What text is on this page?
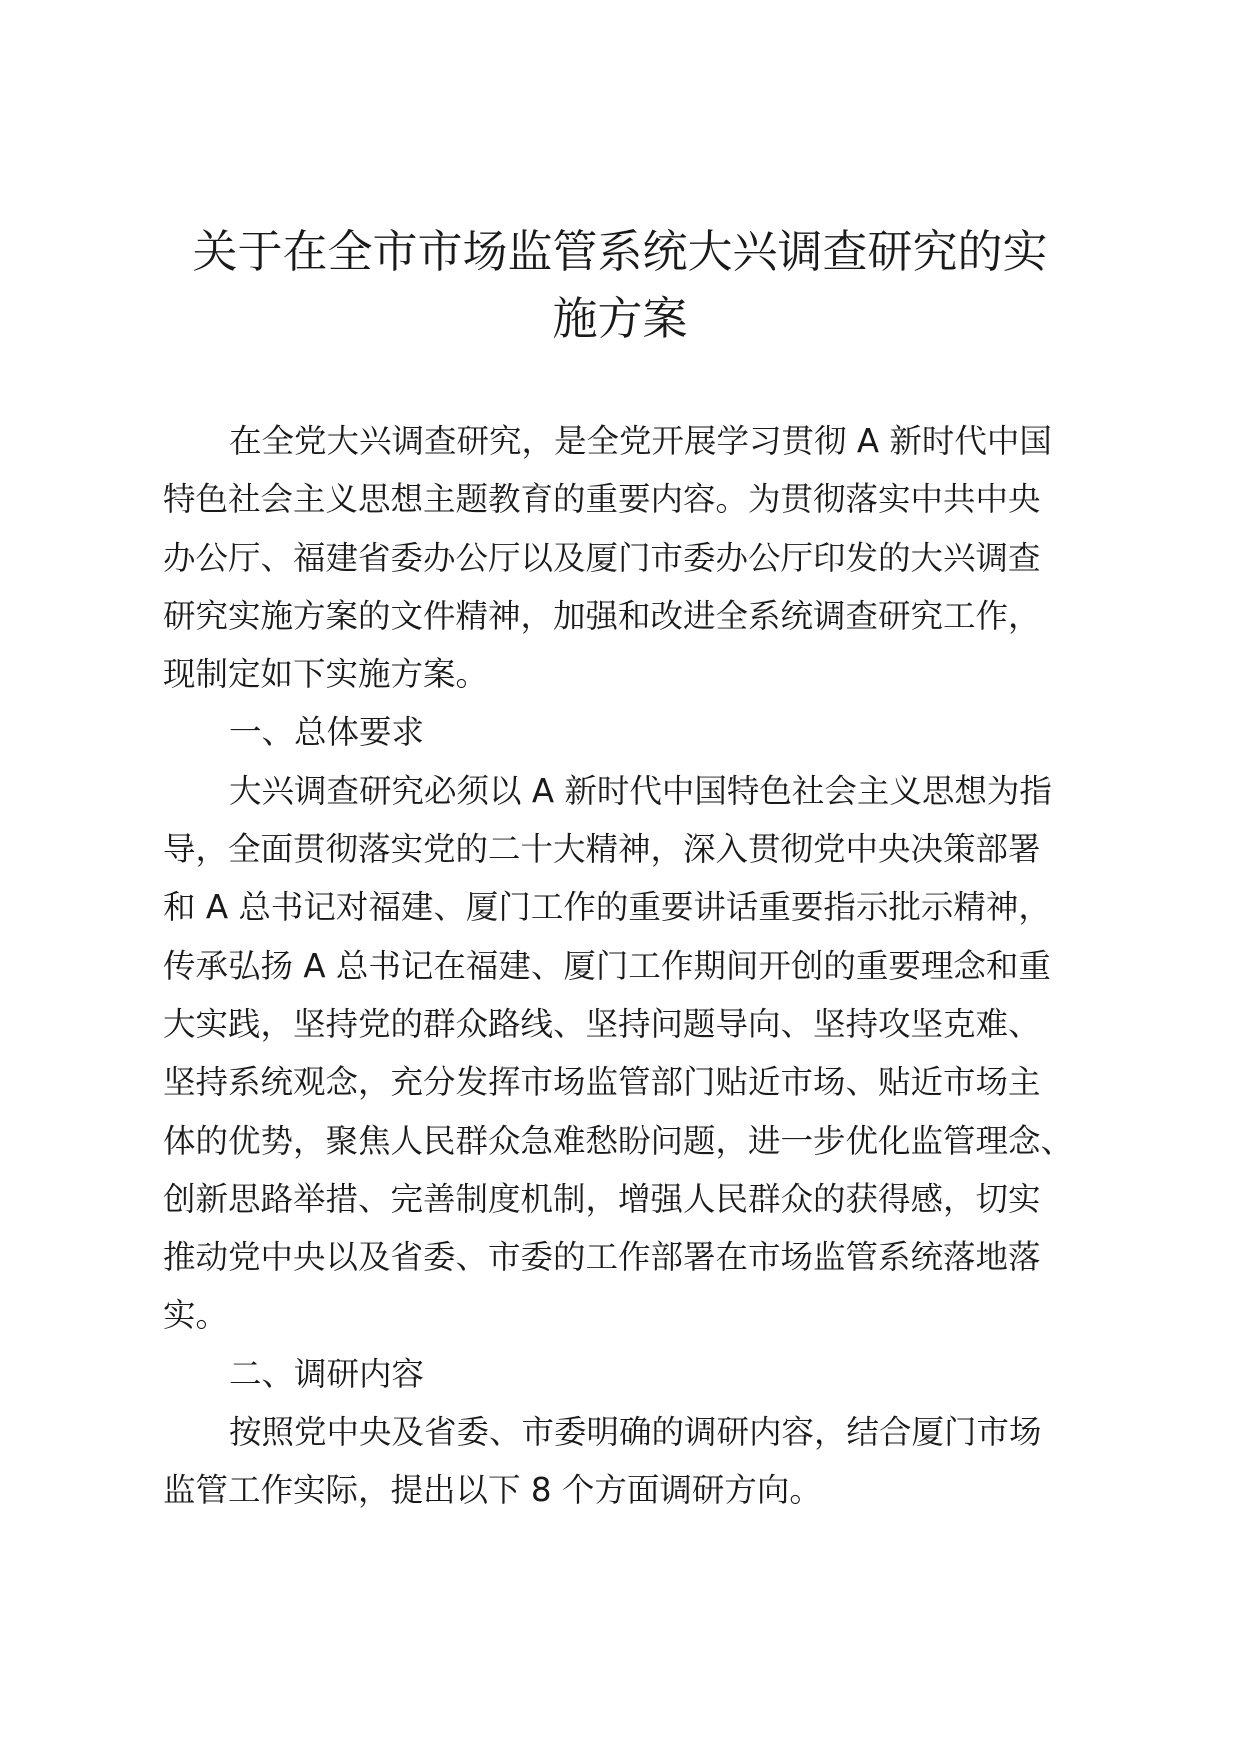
关于在全市市场监管系统大兴调查研究的实
施方案
在全党大兴调查研究，是全党开展学习贯彻 A 新时代中国
特色社会主义思想主题教育的重要内容。为贯彻落实中共中央
办公厅、福建省委办公厅以及厦门市委办公厅印发的大兴调查
研究实施方案的文件精神，加强和改进全系统调查研究工作，
现制定如下实施方案。
一、总体要求
大兴调查研究必须以 A 新时代中国特色社会主义思想为指
导，全面贯彻落实党的二十大精神，深入贯彻党中央决策部署
和 A 总书记对福建、厦门工作的重要讲话重要指示批示精神，
传承弘扬 A 总书记在福建、厦门工作期间开创的重要理念和重
大实践，坚持党的群众路线、坚持问题导向、坚持攻坚克难、
坚持系统观念，充分发挥市场监管部门贴近市场、贴近市场主
体的优势，聚焦人民群众急难愁盼问题，进一步优化监管理念、
创新思路举措、完善制度机制，增强人民群众的获得感，切实
推动党中央以及省委、市委的工作部署在市场监管系统落地落
实。
二、调研内容
按照党中央及省委、市委明确的调研内容，结合厦门市场
监管工作实际，提出以下 8 个方面调研方向。
